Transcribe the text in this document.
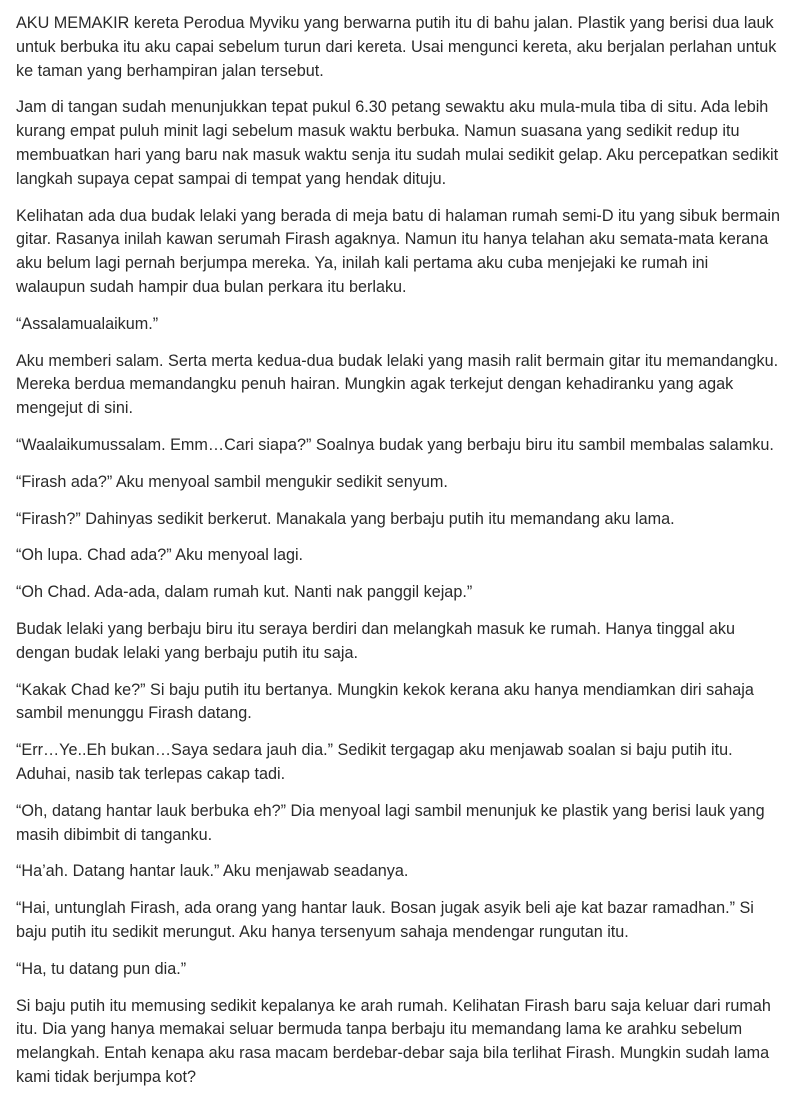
AKU MEMAKIR kereta Perodua Myviku yang berwarna putih itu di bahu jalan. Plastik yang berisi dua lauk untuk berbuka itu aku capai sebelum turun dari kereta. Usai mengunci kereta, aku berjalan perlahan untuk ke taman yang berhampiran jalan tersebut.

Jam di tangan sudah menunjukkan tepat pukul 6.30 petang sewaktu aku mula-mula tiba di situ. Ada lebih kurang empat puluh minit lagi sebelum masuk waktu berbuka. Namun suasana yang sedikit redup itu membuatkan hari yang baru nak masuk waktu senja itu sudah mulai sedikit gelap. Aku percepatkan sedikit langkah supaya cepat sampai di tempat yang hendak dituju.

Kelihatan ada dua budak lelaki yang berada di meja batu di halaman rumah semi-D itu yang sibuk bermain gitar. Rasanya inilah kawan serumah Firash agaknya. Namun itu hanya telahan aku semata-mata kerana aku belum lagi pernah berjumpa mereka. Ya, inilah kali pertama aku cuba menjejaki ke rumah ini walaupun sudah hampir dua bulan perkara itu berlaku.

“Assalamualaikum.”

Aku memberi salam. Serta merta kedua-dua budak lelaki yang masih ralit bermain gitar itu memandangku. Mereka berdua memandangku penuh hairan. Mungkin agak terkejut dengan kehadiranku yang agak mengejut di sini.

“Waalaikumussalam. Emm…Cari siapa?” Soalnya budak yang berbaju biru itu sambil membalas salamku.

“Firash ada?” Aku menyoal sambil mengukir sedikit senyum.

“Firash?” Dahinyas sedikit berkerut. Manakala yang berbaju putih itu memandang aku lama.

“Oh lupa. Chad ada?” Aku menyoal lagi.

“Oh Chad. Ada-ada, dalam rumah kut. Nanti nak panggil kejap.”

Budak lelaki yang berbaju biru itu seraya berdiri dan melangkah masuk ke rumah. Hanya tinggal aku dengan budak lelaki yang berbaju putih itu saja.

“Kakak Chad ke?” Si baju putih itu bertanya. Mungkin kekok kerana aku hanya mendiamkan diri sahaja sambil menunggu Firash datang.

“Err…Ye..Eh bukan…Saya sedara jauh dia.” Sedikit tergagap aku menjawab soalan si baju putih itu. Aduhai, nasib tak terlepas cakap tadi.

“Oh, datang hantar lauk berbuka eh?” Dia menyoal lagi sambil menunjuk ke plastik yang berisi lauk yang masih dibimbit di tanganku.

“Ha’ah. Datang hantar lauk.” Aku menjawab seadanya.

“Hai, untunglah Firash, ada orang yang hantar lauk. Bosan jugak asyik beli aje kat bazar ramadhan.” Si baju putih itu sedikit merungut. Aku hanya tersenyum sahaja mendengar rungutan itu.

“Ha, tu datang pun dia.”

Si baju putih itu memusing sedikit kepalanya ke arah rumah. Kelihatan Firash baru saja keluar dari rumah itu. Dia yang hanya memakai seluar bermuda tanpa berbaju itu memandang lama ke arahku sebelum melangkah. Entah kenapa aku rasa macam berdebar-debar saja bila terlihat Firash. Mungkin sudah lama kami tidak berjumpa kot?
